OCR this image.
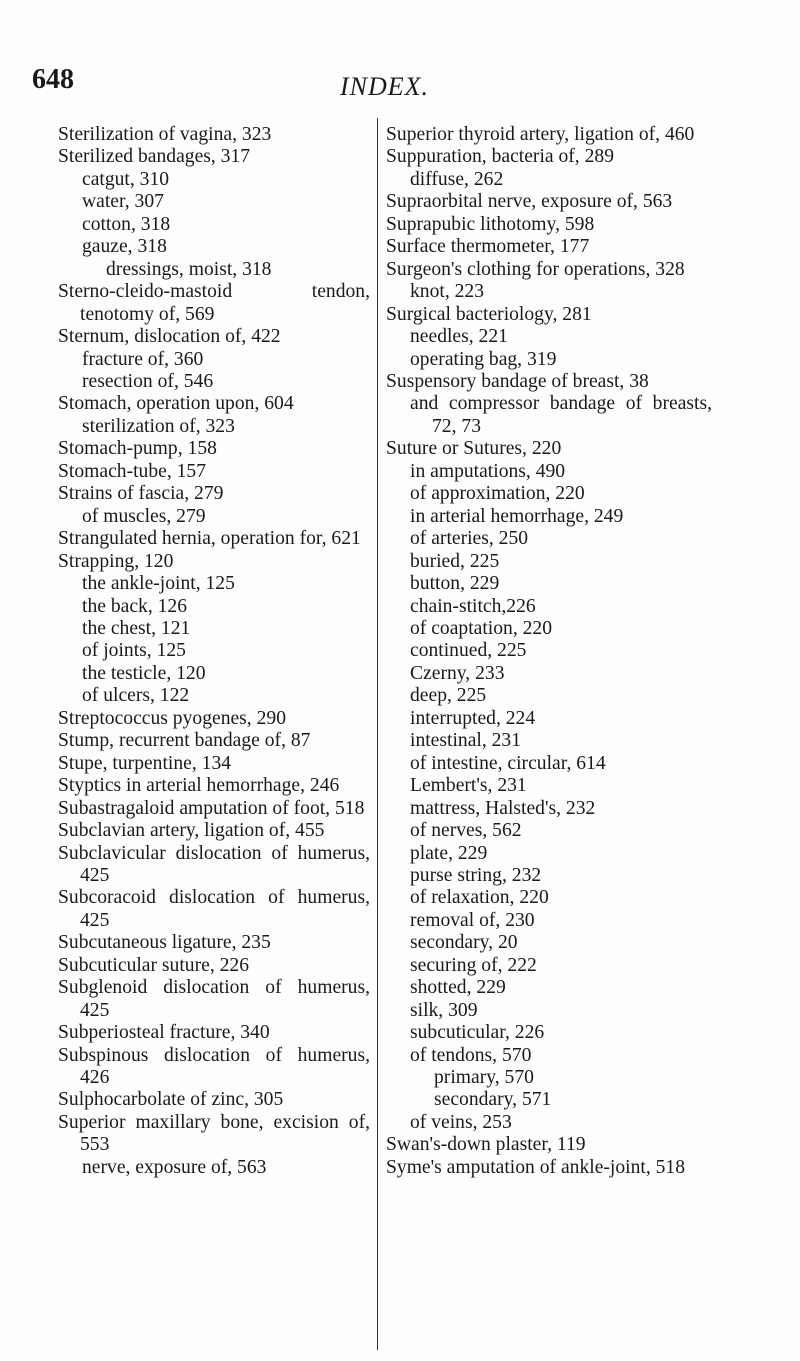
648	INDEX.
Sterilization of vagina, 323
Sterilized bandages, 317
catgut, 310
water, 307
cotton, 318
gauze, 318
dressings, moist, 318
Sterno-cleido-mastoid tendon, tenotomy of, 569
Sternum, dislocation of, 422
fracture of, 360
resection of, 546
Stomach, operation upon, 604
sterilization of, 323
Stomach-pump, 158
Stomach-tube, 157
Strains of fascia, 279
of muscles, 279
Strangulated hernia, operation for, 621
Strapping, 120
the ankle-joint, 125
the back, 126
the chest, 121
of joints, 125
the testicle, 120
of ulcers, 122
Streptococcus pyogenes, 290
Stump, recurrent bandage of, 87
Stupe, turpentine, 134
Styptics in arterial hemorrhage, 246
Subastragaloid amputation of foot, 518
Subclavian artery, ligation of, 455
Subclavicular dislocation of humerus, 425
Subcoracoid dislocation of humerus, 425
Subcutaneous ligature, 235
Subcuticular suture, 226
Subglenoid dislocation of humerus, 425
Subperiosteal fracture, 340
Subspinous dislocation of humerus, 426
Sulphocarbolate of zinc, 305
Superior maxillary bone, excision of, 553
nerve, exposure of, 563
Superior thyroid artery, ligation of, 460
Suppuration, bacteria of, 289
diffuse, 262
Supraorbital nerve, exposure of, 563
Suprapubic lithotomy, 598
Surface thermometer, 177
Surgeon's clothing for operations, 328
knot, 223
Surgical bacteriology, 281
needles, 221
operating bag, 319
Suspensory bandage of breast, 38
and compressor bandage of breasts, 72, 73
Suture or Sutures, 220
in amputations, 490
of approximation, 220
in arterial hemorrhage, 249
of arteries, 250
buried, 225
button, 229
chain-stitch,226
of coaptation, 220
continued, 225
Czerny, 233
deep, 225
interrupted, 224
intestinal, 231
of intestine, circular, 614
Lembert's, 231
mattress, Halsted's, 232
of nerves, 562
plate, 229
purse string, 232
of relaxation, 220
removal of, 230
secondary, 20
securing of, 222
shotted, 229
silk, 309
subcuticular, 226
of tendons, 570
primary, 570
secondary, 571
of veins, 253
Swan's-down plaster, 119
Syme's amputation of ankle-joint, 518
